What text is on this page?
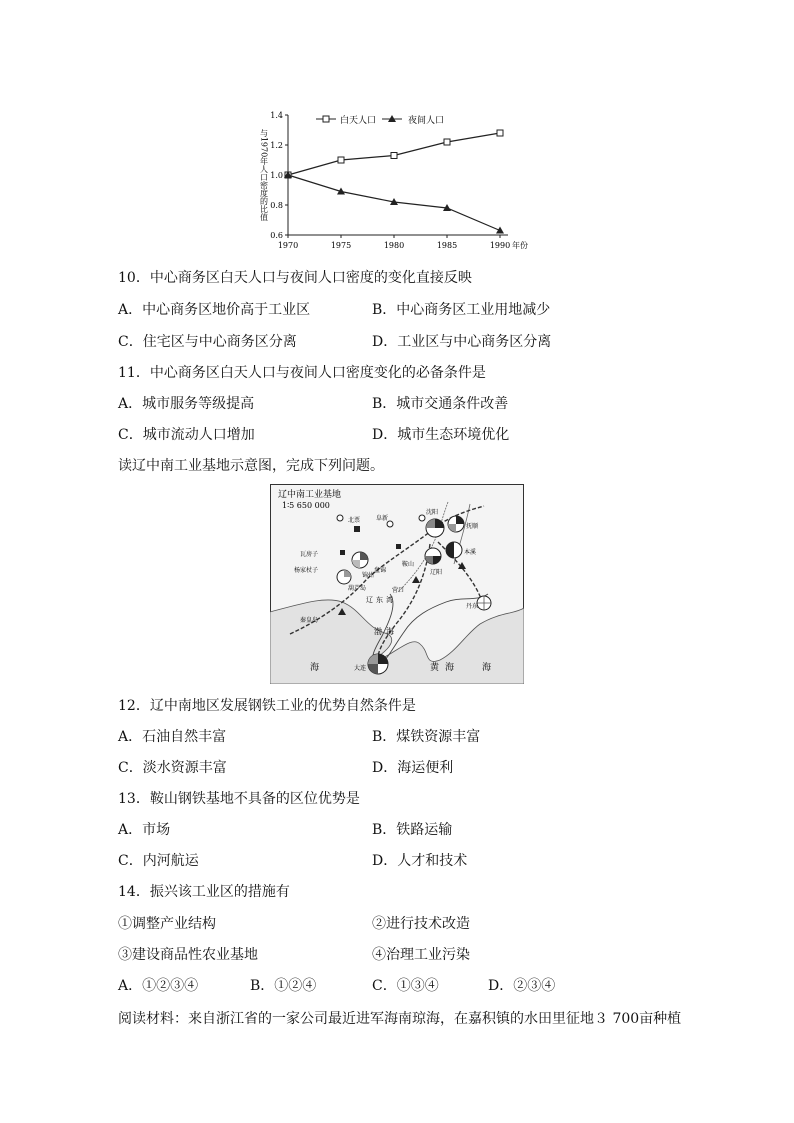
与1970年人口密度的比值
0.6
0.8
1.0
1.2
1.4
1970	1975	1980	1985	1990 年份
白天人口	夜间人口
10．中心商务区白天人口与夜间人口密度的变化直接反映
A．中心商务区地价高于工业区	B．中心商务区工业用地减少
C．住宅区与中心商务区分离	D．工业区与中心商务区分离
11．中心商务区白天人口与夜间人口密度变化的必备条件是
A．城市服务等级提高	B．城市交通条件改善
C．城市流动人口增加	D．城市生态环境优化
读辽中南工业基地示意图，完成下列问题。
辽中南工业基地
1∶5 650 000
沈阳
抚顺
本溪
辽阳
鞍山
锦州
葫芦岛	营口
盘锦
大连
丹东
秦皇岛
瓦房子
杨家杖子
北票	阜新
辽东湾
渤海
海	黄海 海
12．辽中南地区发展钢铁工业的优势自然条件是
A．石油自然丰富	B．煤铁资源丰富
C．淡水资源丰富	D．海运便利
13．鞍山钢铁基地不具备的区位优势是
A．市场	B．铁路运输
C．内河航运	D．人才和技术
14．振兴该工业区的措施有
①调整产业结构	②进行技术改造
③建设商品性农业基地	④治理工业污染
A．①②③④	B．①②④	C．①③④	D．②③④
阅读材料：来自浙江省的一家公司最近进军海南琼海，在嘉积镇的水田里征地３ 700亩种植
